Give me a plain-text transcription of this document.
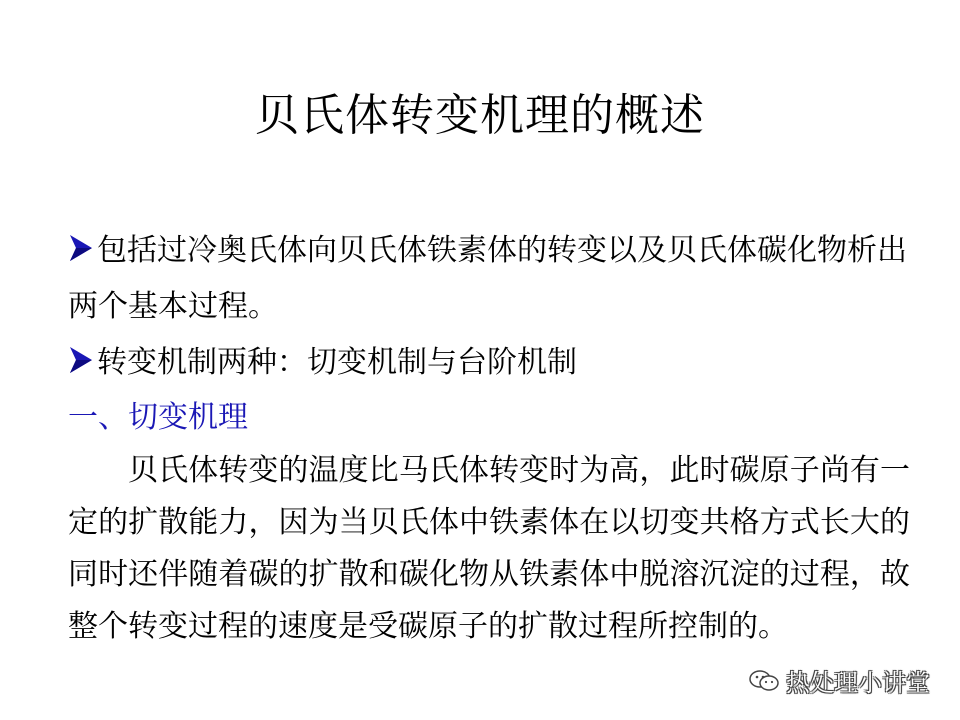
贝氏体转变机理的概述

包括过冷奥氏体向贝氏体铁素体的转变以及贝氏体碳化物析出两个基本过程。

转变机制两种：切变机制与台阶机制

一、切变机理

贝氏体转变的温度比马氏体转变时为高，此时碳原子尚有一定的扩散能力，因为当贝氏体中铁素体在以切变共格方式长大的同时还伴随着碳的扩散和碳化物从铁素体中脱溶沉淀的过程，故整个转变过程的速度是受碳原子的扩散过程所控制的。

热处理小讲堂
